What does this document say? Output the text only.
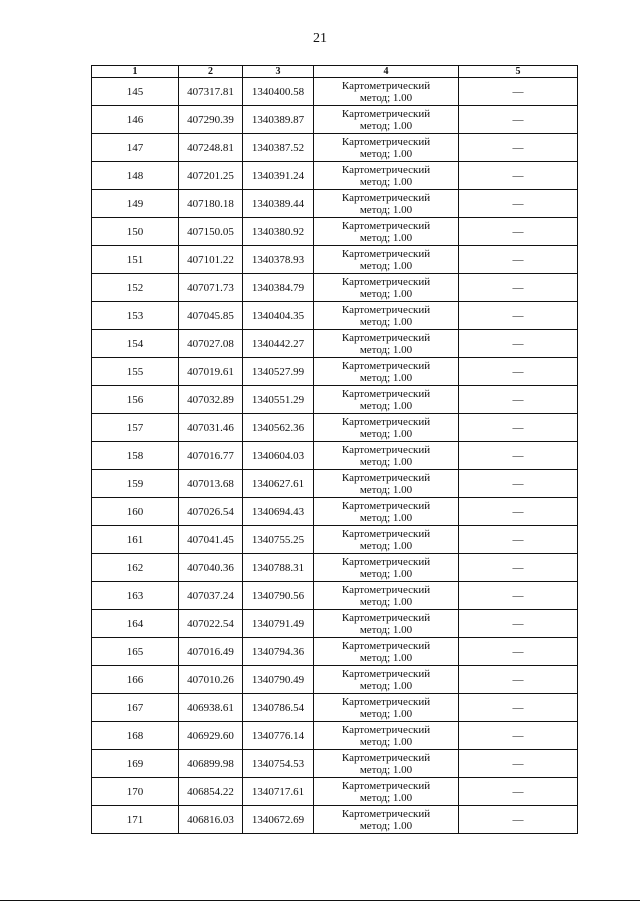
21
1	2	3	4	5
145	407317.81	1340400.58	Картометрический
метод; 1.00	—
146	407290.39	1340389.87	Картометрический
метод; 1.00	—
147	407248.81	1340387.52	Картометрический
метод; 1.00	—
148	407201.25	1340391.24	Картометрический
метод; 1.00	—
149	407180.18	1340389.44	Картометрический
метод; 1.00	—
150	407150.05	1340380.92	Картометрический
метод; 1.00	—
151	407101.22	1340378.93	Картометрический
метод; 1.00	—
152	407071.73	1340384.79	Картометрический
метод; 1.00	—
153	407045.85	1340404.35	Картометрический
метод; 1.00	—
154	407027.08	1340442.27	Картометрический
метод; 1.00	—
155	407019.61	1340527.99	Картометрический
метод; 1.00	—
156	407032.89	1340551.29	Картометрический
метод; 1.00	—
157	407031.46	1340562.36	Картометрический
метод; 1.00	—
158	407016.77	1340604.03	Картометрический
метод; 1.00	—
159	407013.68	1340627.61	Картометрический
метод; 1.00	—
160	407026.54	1340694.43	Картометрический
метод; 1.00	—
161	407041.45	1340755.25	Картометрический
метод; 1.00	—
162	407040.36	1340788.31	Картометрический
метод; 1.00	—
163	407037.24	1340790.56	Картометрический
метод; 1.00	—
164	407022.54	1340791.49	Картометрический
метод; 1.00	—
165	407016.49	1340794.36	Картометрический
метод; 1.00	—
166	407010.26	1340790.49	Картометрический
метод; 1.00	—
167	406938.61	1340786.54	Картометрический
метод; 1.00	—
168	406929.60	1340776.14	Картометрический
метод; 1.00	—
169	406899.98	1340754.53	Картометрический
метод; 1.00	—
170	406854.22	1340717.61	Картометрический
метод; 1.00	—
171	406816.03	1340672.69	Картометрический
метод; 1.00	—
